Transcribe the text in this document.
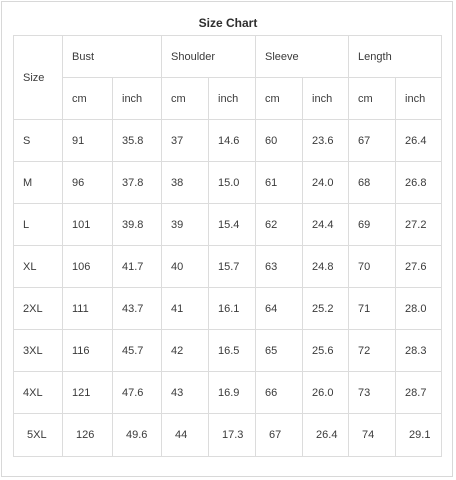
Size Chart
Size	Bust		Shoulder		Sleeve		Length	
	cm	inch	cm	inch	cm	inch	cm	inch
S	91	35.8	37	14.6	60	23.6	67	26.4
M	96	37.8	38	15.0	61	24.0	68	26.8
L	101	39.8	39	15.4	62	24.4	69	27.2
XL	106	41.7	40	15.7	63	24.8	70	27.6
2XL	111	43.7	41	16.1	64	25.2	71	28.0
3XL	116	45.7	42	16.5	65	25.6	72	28.3
4XL	121	47.6	43	16.9	66	26.0	73	28.7
5XL	126	49.6	44	17.3	67	26.4	74	29.1
